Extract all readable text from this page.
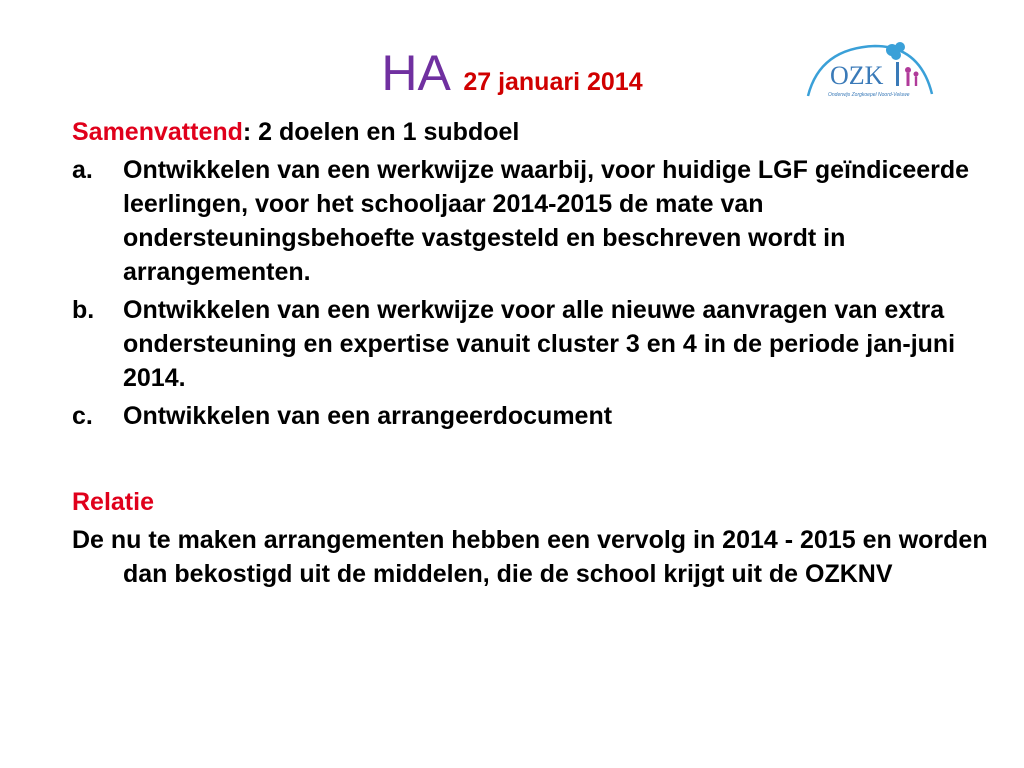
HA 27 januari 2014	OZK
Onderwijs Zorgkoepel Noord-Veluwe

Samenvattend: 2 doelen en 1 subdoel

a. Ontwikkelen van een werkwijze waarbij, voor huidige LGF geïndiceerde leerlingen, voor het schooljaar 2014-2015 de mate van ondersteuningsbehoefte vastgesteld en beschreven wordt in arrangementen.
b. Ontwikkelen van een werkwijze voor alle nieuwe aanvragen van extra ondersteuning en expertise vanuit cluster 3 en 4 in de periode jan-juni 2014.
c. Ontwikkelen van een arrangeerdocument

Relatie

De nu te maken arrangementen hebben een vervolg in 2014 - 2015 en worden dan bekostigd uit de middelen, die de school krijgt uit de OZKNV
